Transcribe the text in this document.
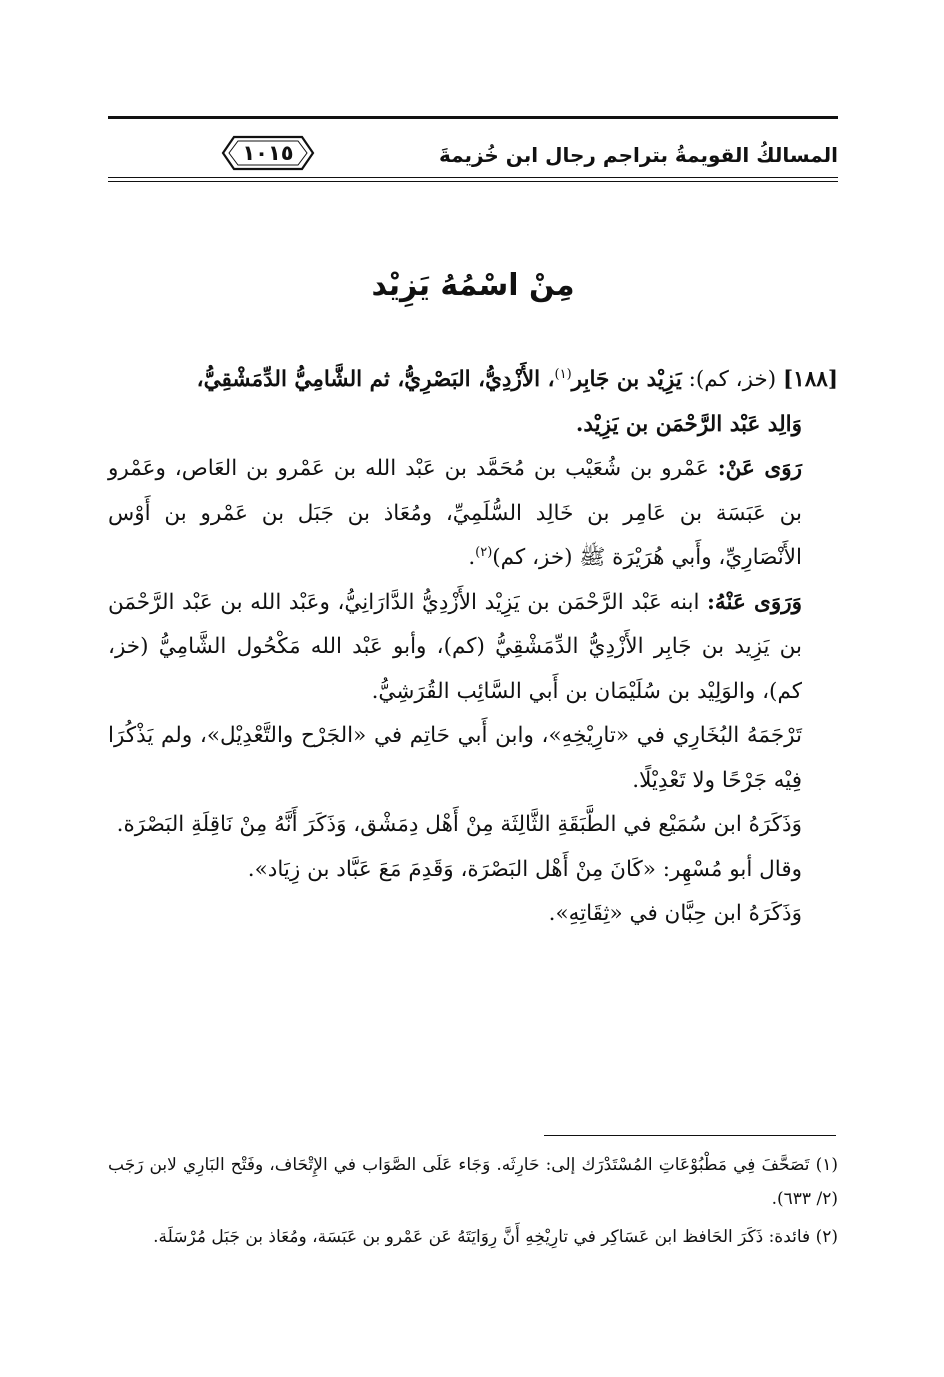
المسالكُ القويمةُ بتراجم رجال ابن خُزيمةَ
١٠١٥
مِنْ اسْمُهُ يَزِيْد

[١٨٨] (خز، كم): يَزِيْد بن جَابِر$^{(١)}$، الأَزْدِيُّ، البَصْرِيُّ، ثم الشَّامِيُّ الدِّمَشْقِيُّ،

وَالِد عَبْد الرَّحْمَن بن يَزِيْد.

رَوَى عَنْ: عَمْرو بن شُعَيْب بن مُحَمَّد بن عَبْد الله بن عَمْرو بن العَاص، وعَمْرو بن عَبَسَة بن عَامِر بن خَالِد السُّلَمِيِّ، ومُعَاذ بن جَبَل بن عَمْرو بن أَوْس الأَنْصَارِيِّ، وأَبي هُرَيْرَة ﷺ (خز، كم)$^{(٢)}$.

وَرَوَى عَنْهُ: ابنه عَبْد الرَّحْمَن بن يَزِيْد الأَزْدِيُّ الدَّارَانِيُّ، وعَبْد الله بن عَبْد الرَّحْمَن بن يَزِيد بن جَابِر الأَزْدِيُّ الدِّمَشْقِيُّ (كم)، وأبو عَبْد الله مَكْحُول الشَّامِيُّ (خز، كم)، والوَلِيْد بن سُلَيْمَان بن أَبي السَّائِب القُرَشِيُّ.

تَرْجَمَهُ البُخَارِي في «تارِيْخِهِ»، وابن أَبي حَاتِم في «الجَرْح والتَّعْدِيْل»، ولم يَذْكُرَا فِيْه جَرْحًا ولا تَعْدِيْلًا.

وَذَكَرَهُ ابن سُمَيْع في الطَّبَقَةِ الثَّالِثَة مِنْ أَهْل دِمَشْق، وَذَكَرَ أَنَّهُ مِنْ نَاقِلَةِ البَصْرَة.

وقال أبو مُسْهِر: «كَانَ مِنْ أَهْل البَصْرَة، وَقَدِمَ مَعَ عَبَّاد بن زِيَاد».

وَذَكَرَهُ ابن حِبَّان في «ثِقَاتِهِ».

(١) تَصَحَّفَ فِي مَطْبُوْعَاتِ المُسْتَدْرَك إلى: حَارِثَه. وَجَاء عَلَى الصَّوَاب في الإِتْحَاف، وفَتْح البَارِي لابن رَجَب (٢/ ٦٣٣).

(٢) فائدة: ذَكَرَ الحَافظ ابن عَسَاكِر في تارِيْخِهِ أَنَّ رِوَايَتَهُ عَن عَمْرو بن عَبَسَة، ومُعَاذ بن جَبَل مُرْسَلَة.
